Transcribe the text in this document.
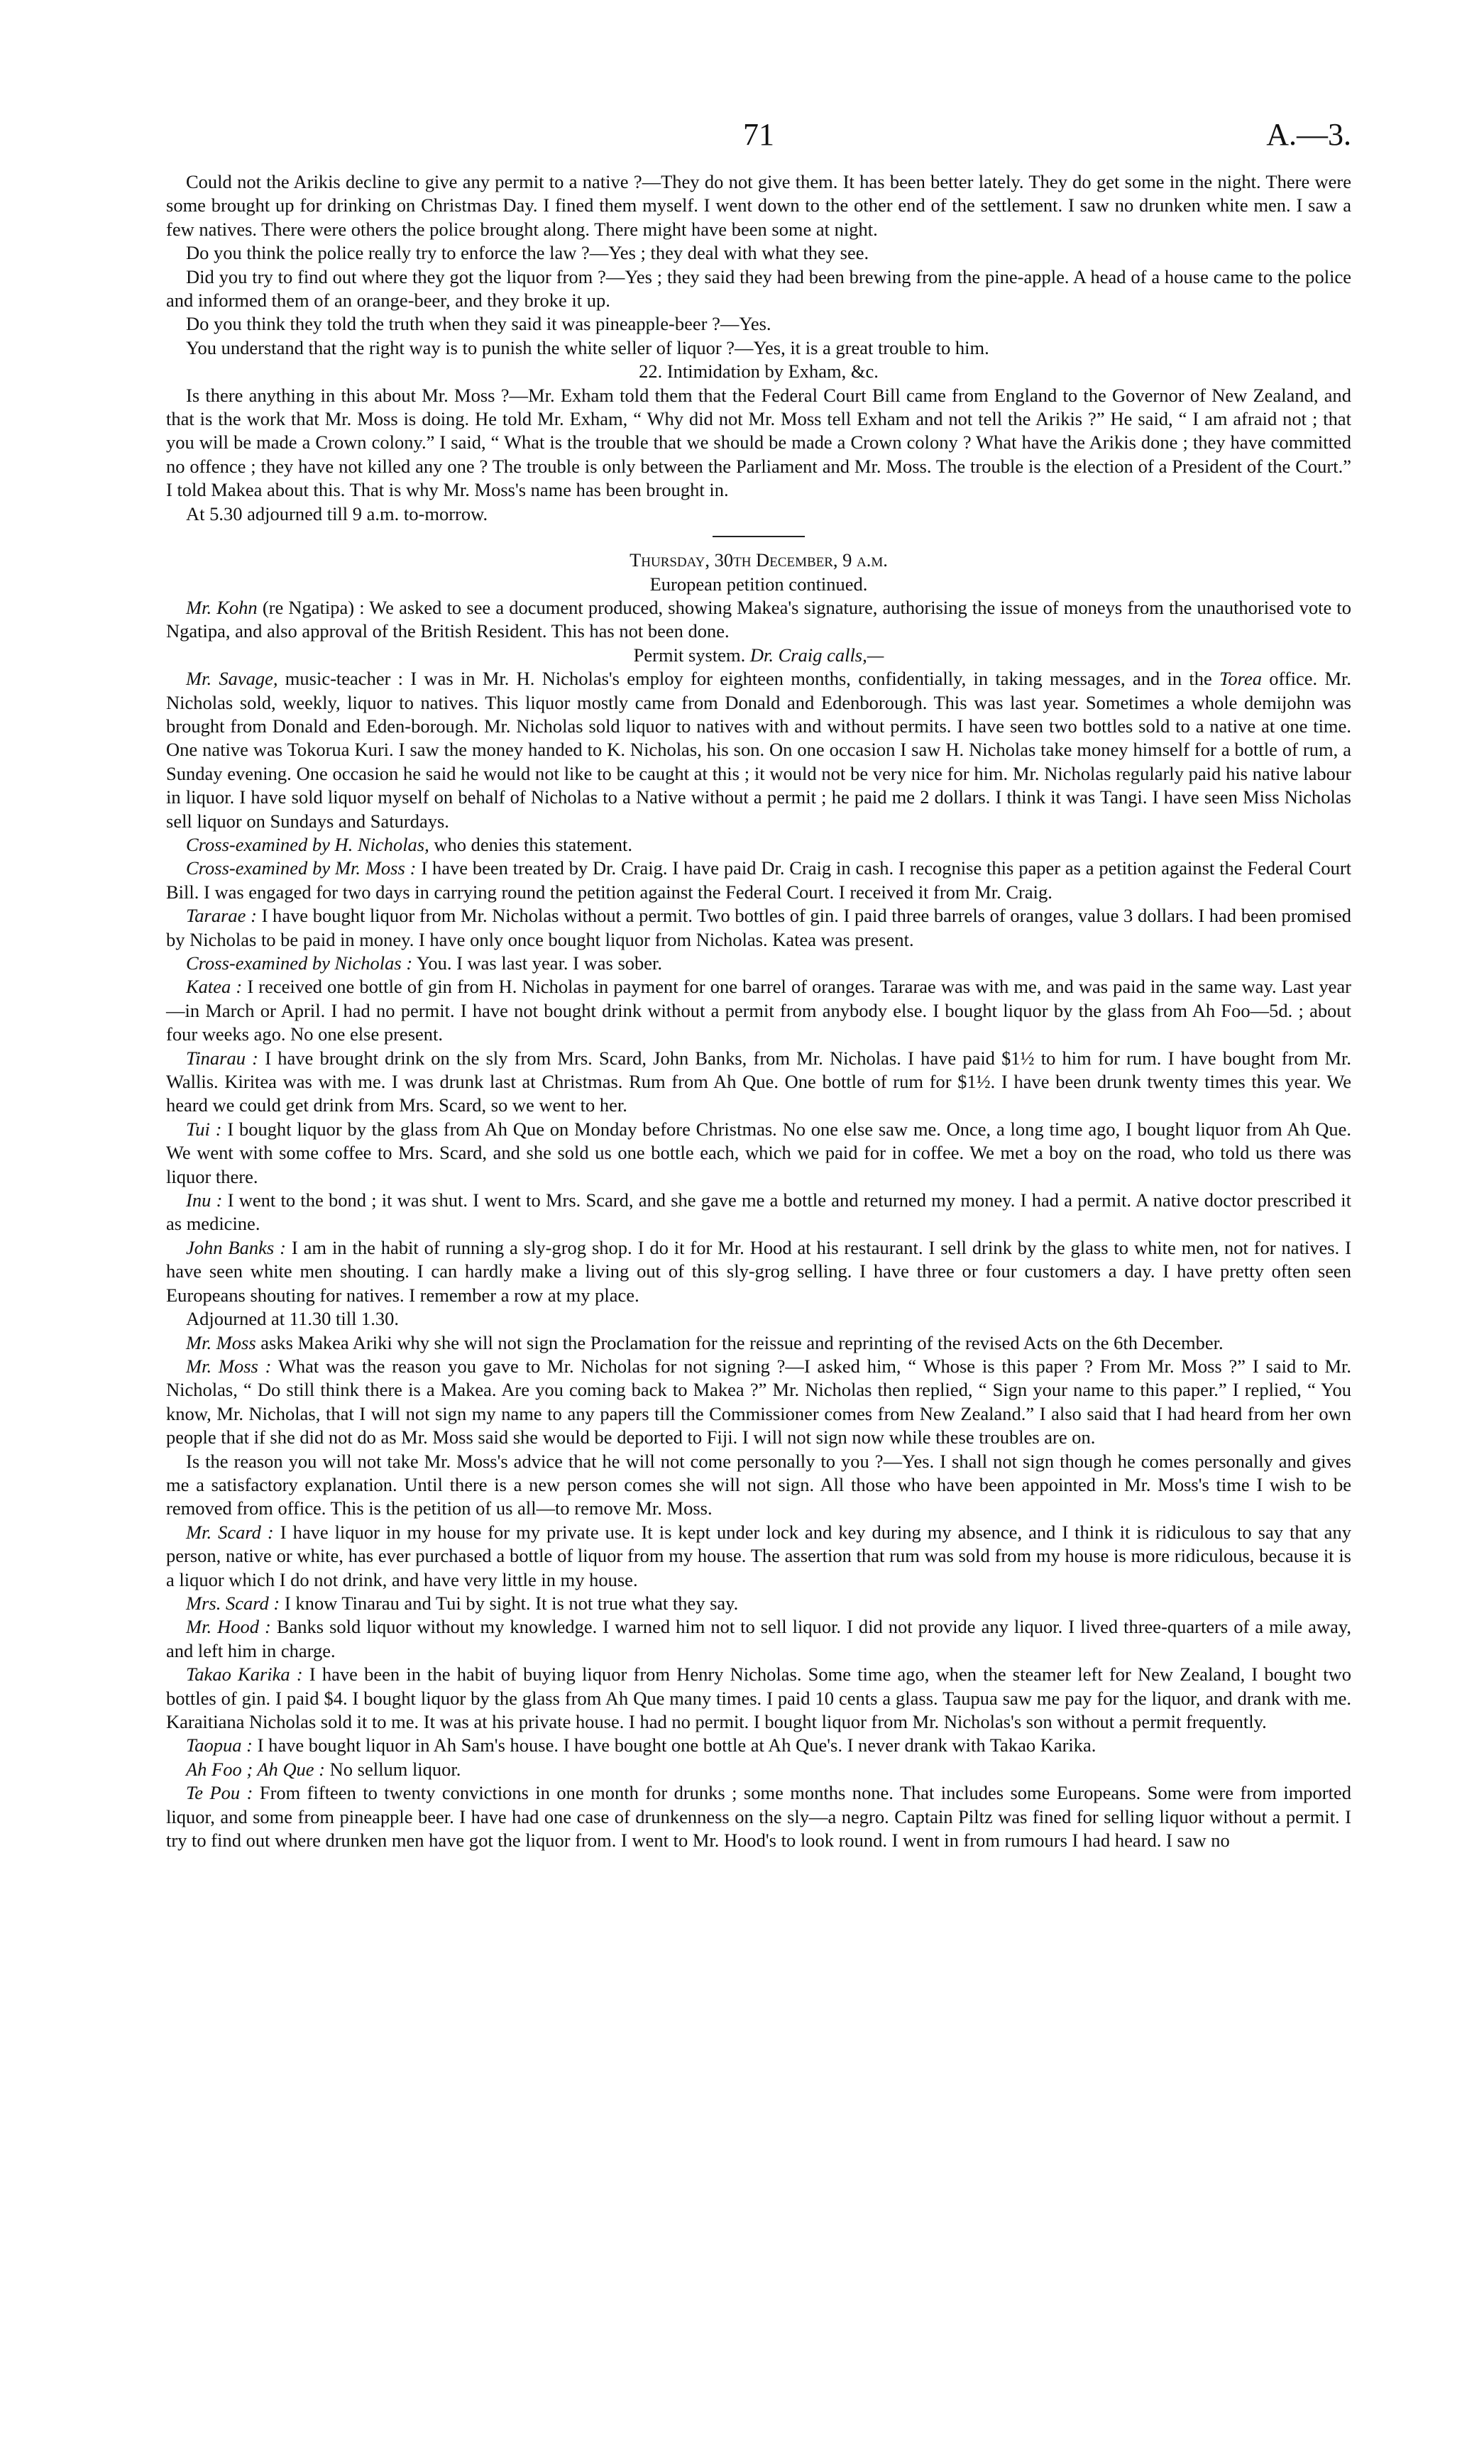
71	A.—3.

Could not the Arikis decline to give any permit to a native ?—They do not give them. It has been better lately. They do get some in the night. There were some brought up for drinking on Christmas Day. I fined them myself. I went down to the other end of the settlement. I saw no drunken white men. I saw a few natives. There were others the police brought along. There might have been some at night.

Do you think the police really try to enforce the law ?—Yes ; they deal with what they see.

Did you try to find out where they got the liquor from ?—Yes ; they said they had been brewing from the pine-apple. A head of a house came to the police and informed them of an orange-beer, and they broke it up.

Do you think they told the truth when they said it was pineapple-beer ?—Yes.

You understand that the right way is to punish the white seller of liquor ?—Yes, it is a great trouble to him.

22. Intimidation by Exham, &c.

Is there anything in this about Mr. Moss ?—Mr. Exham told them that the Federal Court Bill came from England to the Governor of New Zealand, and that is the work that Mr. Moss is doing. He told Mr. Exham, “ Why did not Mr. Moss tell Exham and not tell the Arikis ?” He said, “ I am afraid not ; that you will be made a Crown colony.” I said, “ What is the trouble that we should be made a Crown colony ? What have the Arikis done ; they have committed no offence ; they have not killed any one ? The trouble is only between the Parliament and Mr. Moss. The trouble is the election of a President of the Court.” I told Makea about this. That is why Mr. Moss's name has been brought in.

At 5.30 adjourned till 9 a.m. to-morrow.

Thursday, 30th December, 9 a.m.

European petition continued.

Mr. Kohn (re Ngatipa) : We asked to see a document produced, showing Makea's signature, authorising the issue of moneys from the unauthorised vote to Ngatipa, and also approval of the British Resident. This has not been done.

Permit system. Dr. Craig calls,—

Mr. Savage, music-teacher : I was in Mr. H. Nicholas's employ for eighteen months, confidentially, in taking messages, and in the Torea office. Mr. Nicholas sold, weekly, liquor to natives. This liquor mostly came from Donald and Edenborough. This was last year. Sometimes a whole demijohn was brought from Donald and Eden-borough. Mr. Nicholas sold liquor to natives with and without permits. I have seen two bottles sold to a native at one time. One native was Tokorua Kuri. I saw the money handed to K. Nicholas, his son. On one occasion I saw H. Nicholas take money himself for a bottle of rum, a Sunday evening. One occasion he said he would not like to be caught at this ; it would not be very nice for him. Mr. Nicholas regularly paid his native labour in liquor. I have sold liquor myself on behalf of Nicholas to a Native without a permit ; he paid me 2 dollars. I think it was Tangi. I have seen Miss Nicholas sell liquor on Sundays and Saturdays.

Cross-examined by H. Nicholas, who denies this statement.

Cross-examined by Mr. Moss : I have been treated by Dr. Craig. I have paid Dr. Craig in cash. I recognise this paper as a petition against the Federal Court Bill. I was engaged for two days in carrying round the petition against the Federal Court. I received it from Mr. Craig.

Tararae : I have bought liquor from Mr. Nicholas without a permit. Two bottles of gin. I paid three barrels of oranges, value 3 dollars. I had been promised by Nicholas to be paid in money. I have only once bought liquor from Nicholas. Katea was present.

Cross-examined by Nicholas : You. I was last year. I was sober.

Katea : I received one bottle of gin from H. Nicholas in payment for one barrel of oranges. Tararae was with me, and was paid in the same way. Last year—in March or April. I had no permit. I have not bought drink without a permit from anybody else. I bought liquor by the glass from Ah Foo—5d. ; about four weeks ago. No one else present.

Tinarau : I have brought drink on the sly from Mrs. Scard, John Banks, from Mr. Nicholas. I have paid $1½ to him for rum. I have bought from Mr. Wallis. Kiritea was with me. I was drunk last at Christmas. Rum from Ah Que. One bottle of rum for $1½. I have been drunk twenty times this year. We heard we could get drink from Mrs. Scard, so we went to her.

Tui : I bought liquor by the glass from Ah Que on Monday before Christmas. No one else saw me. Once, a long time ago, I bought liquor from Ah Que. We went with some coffee to Mrs. Scard, and she sold us one bottle each, which we paid for in coffee. We met a boy on the road, who told us there was liquor there.

Inu : I went to the bond ; it was shut. I went to Mrs. Scard, and she gave me a bottle and returned my money. I had a permit. A native doctor prescribed it as medicine.

John Banks : I am in the habit of running a sly-grog shop. I do it for Mr. Hood at his restaurant. I sell drink by the glass to white men, not for natives. I have seen white men shouting. I can hardly make a living out of this sly-grog selling. I have three or four customers a day. I have pretty often seen Europeans shouting for natives. I remember a row at my place.

Adjourned at 11.30 till 1.30.

Mr. Moss asks Makea Ariki why she will not sign the Proclamation for the reissue and reprinting of the revised Acts on the 6th December.

Mr. Moss : What was the reason you gave to Mr. Nicholas for not signing ?—I asked him, “ Whose is this paper ? From Mr. Moss ?” I said to Mr. Nicholas, “ Do still think there is a Makea. Are you coming back to Makea ?” Mr. Nicholas then replied, “ Sign your name to this paper.” I replied, “ You know, Mr. Nicholas, that I will not sign my name to any papers till the Commissioner comes from New Zealand.” I also said that I had heard from her own people that if she did not do as Mr. Moss said she would be deported to Fiji. I will not sign now while these troubles are on.

Is the reason you will not take Mr. Moss's advice that he will not come personally to you ?—Yes. I shall not sign though he comes personally and gives me a satisfactory explanation. Until there is a new person comes she will not sign. All those who have been appointed in Mr. Moss's time I wish to be removed from office. This is the petition of us all—to remove Mr. Moss.

Mr. Scard : I have liquor in my house for my private use. It is kept under lock and key during my absence, and I think it is ridiculous to say that any person, native or white, has ever purchased a bottle of liquor from my house. The assertion that rum was sold from my house is more ridiculous, because it is a liquor which I do not drink, and have very little in my house.

Mrs. Scard : I know Tinarau and Tui by sight. It is not true what they say.

Mr. Hood : Banks sold liquor without my knowledge. I warned him not to sell liquor. I did not provide any liquor. I lived three-quarters of a mile away, and left him in charge.

Takao Karika : I have been in the habit of buying liquor from Henry Nicholas. Some time ago, when the steamer left for New Zealand, I bought two bottles of gin. I paid $4. I bought liquor by the glass from Ah Que many times. I paid 10 cents a glass. Taupua saw me pay for the liquor, and drank with me. Karaitiana Nicholas sold it to me. It was at his private house. I had no permit. I bought liquor from Mr. Nicholas's son without a permit frequently.

Taopua : I have bought liquor in Ah Sam's house. I have bought one bottle at Ah Que's. I never drank with Takao Karika.

Ah Foo ; Ah Que : No sellum liquor.

Te Pou : From fifteen to twenty convictions in one month for drunks ; some months none. That includes some Europeans. Some were from imported liquor, and some from pineapple beer. I have had one case of drunkenness on the sly—a negro. Captain Piltz was fined for selling liquor without a permit. I try to find out where drunken men have got the liquor from. I went to Mr. Hood's to look round. I went in from rumours I had heard. I saw no
